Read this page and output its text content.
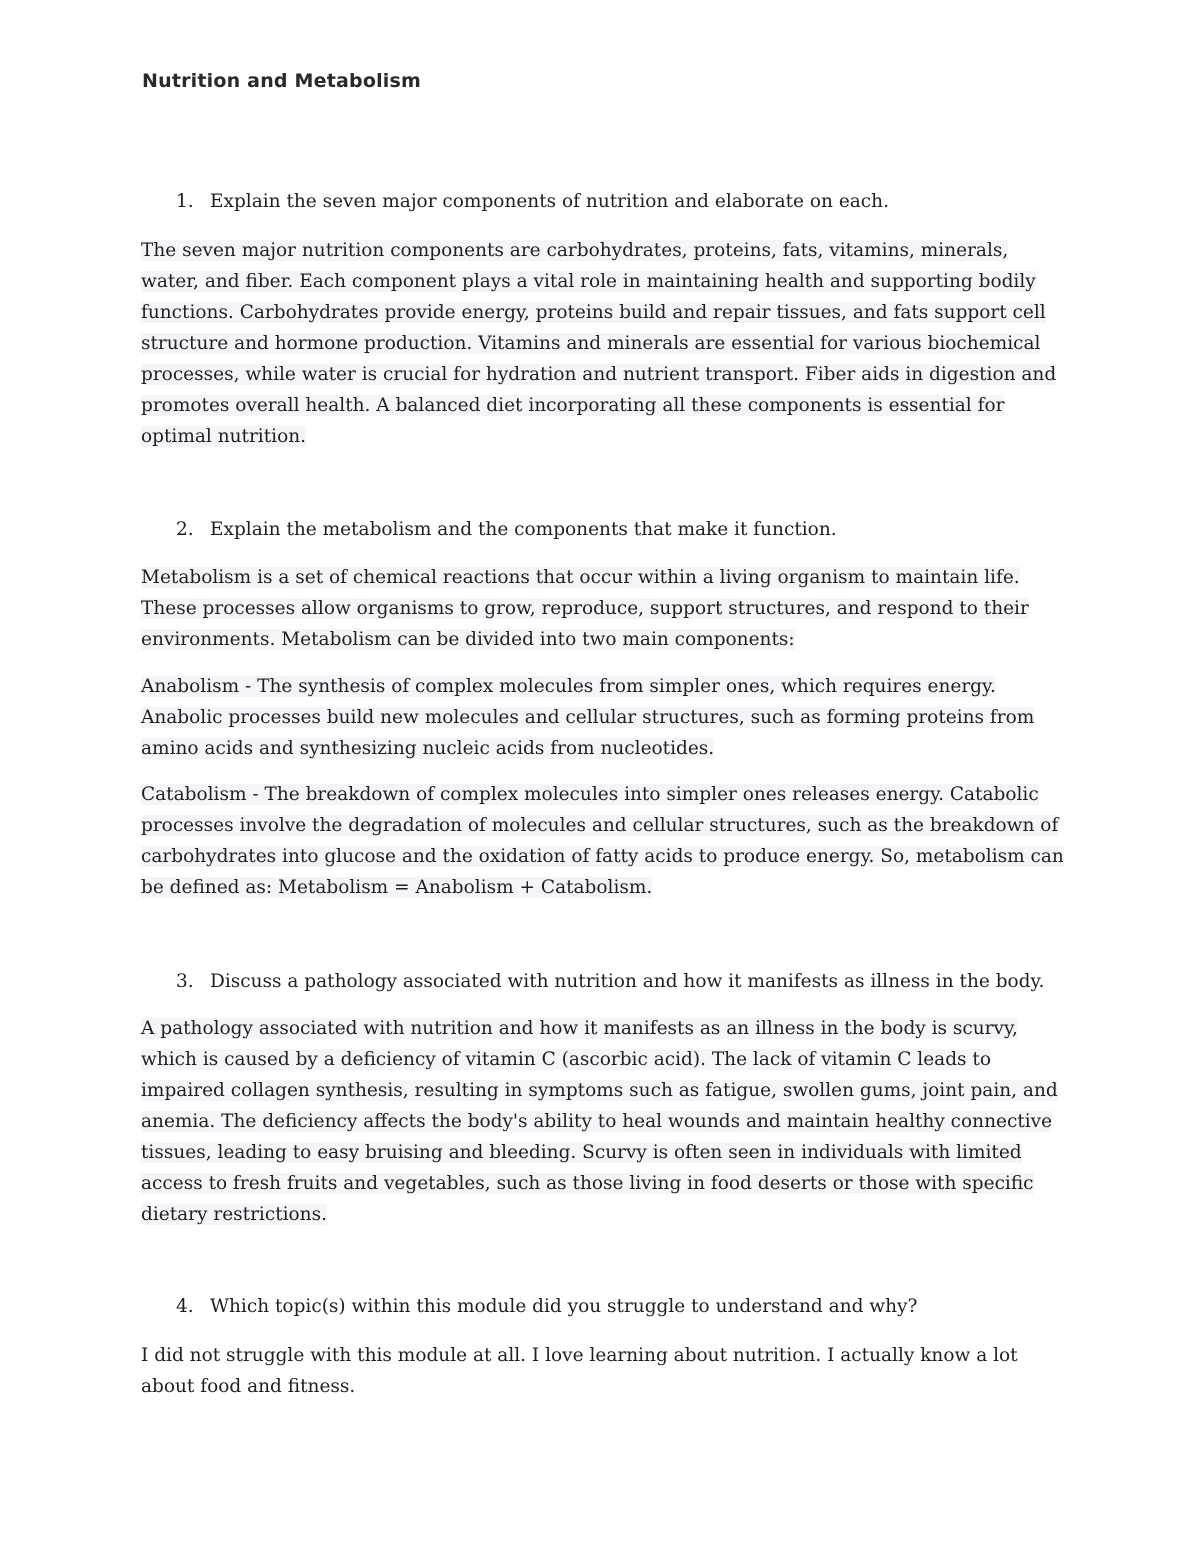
Nutrition and Metabolism

1. Explain the seven major components of nutrition and elaborate on each.

The seven major nutrition components are carbohydrates, proteins, fats, vitamins, minerals, water, and fiber. Each component plays a vital role in maintaining health and supporting bodily functions. Carbohydrates provide energy, proteins build and repair tissues, and fats support cell structure and hormone production. Vitamins and minerals are essential for various biochemical processes, while water is crucial for hydration and nutrient transport. Fiber aids in digestion and promotes overall health. A balanced diet incorporating all these components is essential for optimal nutrition.

2. Explain the metabolism and the components that make it function.

Metabolism is a set of chemical reactions that occur within a living organism to maintain life. These processes allow organisms to grow, reproduce, support structures, and respond to their environments. Metabolism can be divided into two main components:

Anabolism - The synthesis of complex molecules from simpler ones, which requires energy. Anabolic processes build new molecules and cellular structures, such as forming proteins from amino acids and synthesizing nucleic acids from nucleotides.

Catabolism - The breakdown of complex molecules into simpler ones releases energy. Catabolic processes involve the degradation of molecules and cellular structures, such as the breakdown of carbohydrates into glucose and the oxidation of fatty acids to produce energy. So, metabolism can be defined as: Metabolism = Anabolism + Catabolism.

3. Discuss a pathology associated with nutrition and how it manifests as illness in the body.

A pathology associated with nutrition and how it manifests as an illness in the body is scurvy, which is caused by a deficiency of vitamin C (ascorbic acid). The lack of vitamin C leads to impaired collagen synthesis, resulting in symptoms such as fatigue, swollen gums, joint pain, and anemia. The deficiency affects the body's ability to heal wounds and maintain healthy connective tissues, leading to easy bruising and bleeding. Scurvy is often seen in individuals with limited access to fresh fruits and vegetables, such as those living in food deserts or those with specific dietary restrictions.

4. Which topic(s) within this module did you struggle to understand and why?

I did not struggle with this module at all. I love learning about nutrition. I actually know a lot about food and fitness.
